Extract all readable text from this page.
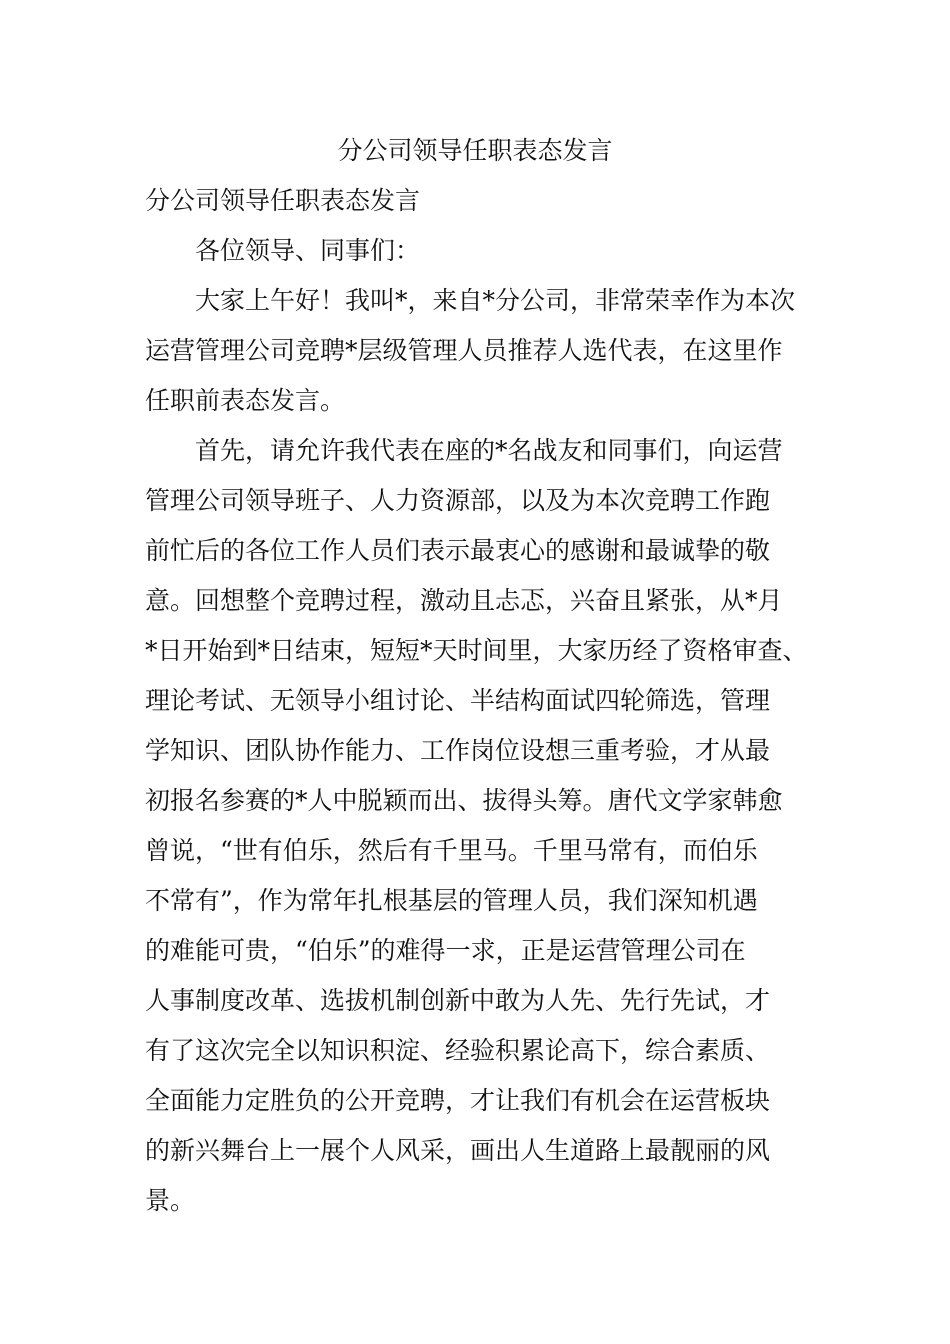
分公司领导任职表态发言
分公司领导任职表态发言
　　各位领导、同事们：
　　大家上午好！我叫*，来自*分公司，非常荣幸作为本次
运营管理公司竞聘*层级管理人员推荐人选代表，在这里作
任职前表态发言。
　　首先，请允许我代表在座的*名战友和同事们，向运营
管理公司领导班子、人力资源部，以及为本次竞聘工作跑
前忙后的各位工作人员们表示最衷心的感谢和最诚挚的敬
意。回想整个竞聘过程，激动且忐忑，兴奋且紧张，从*月
*日开始到*日结束，短短*天时间里，大家历经了资格审查、
理论考试、无领导小组讨论、半结构面试四轮筛选，管理
学知识、团队协作能力、工作岗位设想三重考验，才从最
初报名参赛的*人中脱颖而出、拔得头筹。唐代文学家韩愈
曾说，“世有伯乐，然后有千里马。千里马常有，而伯乐
不常有”，作为常年扎根基层的管理人员，我们深知机遇
的难能可贵，“伯乐”的难得一求，正是运营管理公司在
人事制度改革、选拔机制创新中敢为人先、先行先试，才
有了这次完全以知识积淀、经验积累论高下，综合素质、
全面能力定胜负的公开竞聘，才让我们有机会在运营板块
的新兴舞台上一展个人风采，画出人生道路上最靓丽的风
景。
